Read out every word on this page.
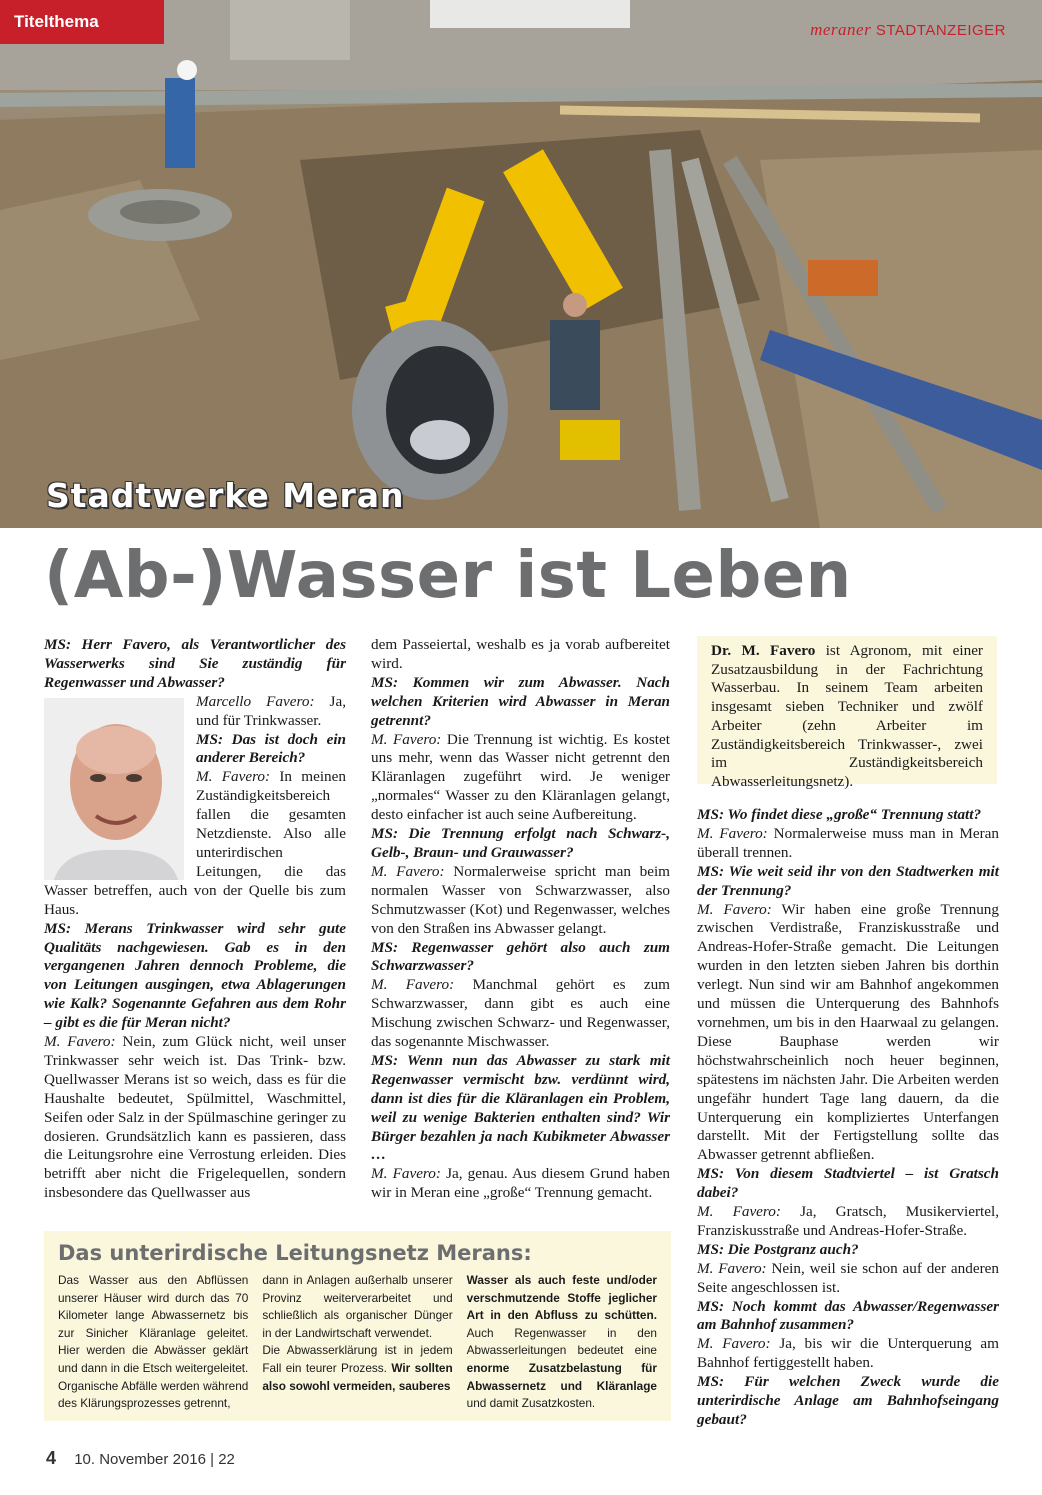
Titelthema	meraner STADTANZEIGER
Stadtwerke Meran
(Ab-)Wasser ist Leben

MS: Herr Favero, als Verantwortlicher des Wasserwerks sind Sie zuständig für Regenwasser und Abwasser?

Marcello Favero: Ja, und für Trinkwasser.

MS: Das ist doch ein anderer Bereich?

M. Favero: In meinen Zuständigkeitsbereich fallen die gesamten Netzdienste. Also alle unterirdischen Leitungen, die das Wasser betreffen, auch von der Quelle bis zum Haus.

MS: Merans Trinkwasser wird sehr gute Qualitäts nachgewiesen. Gab es in den vergangenen Jahren dennoch Probleme, die von Leitungen ausgingen, etwa Ablagerungen wie Kalk? Sogenannte Gefahren aus dem Rohr – gibt es die für Meran nicht?

M. Favero: Nein, zum Glück nicht, weil unser Trinkwasser sehr weich ist. Das Trink- bzw. Quellwasser Merans ist so weich, dass es für die Haushalte bedeutet, Spülmittel, Waschmittel, Seifen oder Salz in der Spülmaschine geringer zu dosieren. Grundsätzlich kann es passieren, dass die Leitungsrohre eine Verrostung erleiden. Dies betrifft aber nicht die Frigelequellen, sondern insbesondere das Quellwasser aus

dem Passeiertal, weshalb es ja vorab aufbereitet wird.

MS: Kommen wir zum Abwasser. Nach welchen Kriterien wird Abwasser in Meran getrennt?

M. Favero: Die Trennung ist wichtig. Es kostet uns mehr, wenn das Wasser nicht getrennt den Kläranlagen zugeführt wird. Je weniger „normales“ Wasser zu den Kläranlagen gelangt, desto einfacher ist auch seine Aufbereitung.

MS: Die Trennung erfolgt nach Schwarz-, Gelb-, Braun- und Grauwasser?

M. Favero: Normalerweise spricht man beim normalen Wasser von Schwarzwasser, also Schmutzwasser (Kot) und Regenwasser, welches von den Straßen ins Abwasser gelangt.

MS: Regenwasser gehört also auch zum Schwarzwasser?

M. Favero: Manchmal gehört es zum Schwarzwasser, dann gibt es auch eine Mischung zwischen Schwarz- und Regenwasser, das sogenannte Mischwasser.

MS: Wenn nun das Abwasser zu stark mit Regenwasser vermischt bzw. verdünnt wird, dann ist dies für die Kläranlagen ein Problem, weil zu wenige Bakterien enthalten sind? Wir Bürger bezahlen ja nach Kubikmeter Abwasser …

M. Favero: Ja, genau. Aus diesem Grund haben wir in Meran eine „große“ Trennung gemacht.

Dr. M. Favero ist Agronom, mit einer Zusatzausbildung in der Fachrichtung Wasserbau. In seinem Team arbeiten insgesamt sieben Techniker und zwölf Arbeiter (zehn Arbeiter im Zuständigkeitsbereich Trinkwasser-, zwei im Zuständigkeitsbereich Abwasserleitungsnetz).

MS: Wo findet diese „große“ Trennung statt?

M. Favero: Normalerweise muss man in Meran überall trennen.

MS: Wie weit seid ihr von den Stadtwerken mit der Trennung?

M. Favero: Wir haben eine große Trennung zwischen Verdistraße, Franziskusstraße und Andreas-Hofer-Straße gemacht. Die Leitungen wurden in den letzten sieben Jahren bis dorthin verlegt. Nun sind wir am Bahnhof angekommen und müssen die Unterquerung des Bahnhofs vornehmen, um bis in den Haarwaal zu gelangen. Diese Bauphase werden wir höchstwahrscheinlich noch heuer beginnen, spätestens im nächsten Jahr. Die Arbeiten werden ungefähr hundert Tage lang dauern, da die Unterquerung ein kompliziertes Unterfangen darstellt. Mit der Fertigstellung sollte das Abwasser getrennt abfließen.

MS: Von diesem Stadtviertel – ist Gratsch dabei?

M. Favero: Ja, Gratsch, Musikerviertel, Franziskusstraße und Andreas-Hofer-Straße.

MS: Die Postgranz auch?

M. Favero: Nein, weil sie schon auf der anderen Seite angeschlossen ist.

MS: Noch kommt das Abwasser/Regenwasser am Bahnhof zusammen?

M. Favero: Ja, bis wir die Unterquerung am Bahnhof fertiggestellt haben.

MS: Für welchen Zweck wurde die unterirdische Anlage am Bahnhofseingang gebaut?

Das unterirdische Leitungsnetz Merans:
Das Wasser aus den Abflüssen unserer Häuser wird durch das 70 Kilometer lange Abwassernetz bis zur Sinicher Kläranlage geleitet. Hier werden die Abwässer geklärt und dann in die Etsch weitergeleitet. Organische Abfälle werden während des Klärungsprozesses getrennt,
dann in Anlagen außerhalb unserer Provinz weiterverarbeitet und schließlich als organischer Dünger in der Landwirtschaft verwendet.
Die Abwasserklärung ist in jedem Fall ein teurer Prozess. Wir sollten also sowohl vermeiden, sauberes
Wasser als auch feste und/oder verschmutzende Stoffe jeglicher Art in den Abfluss zu schütten. Auch Regenwasser in den Abwasserleitungen bedeutet eine enorme Zusatzbelastung für Abwassernetz und Kläranlage und damit Zusatzkosten.
4 10. November 2016 | 22
